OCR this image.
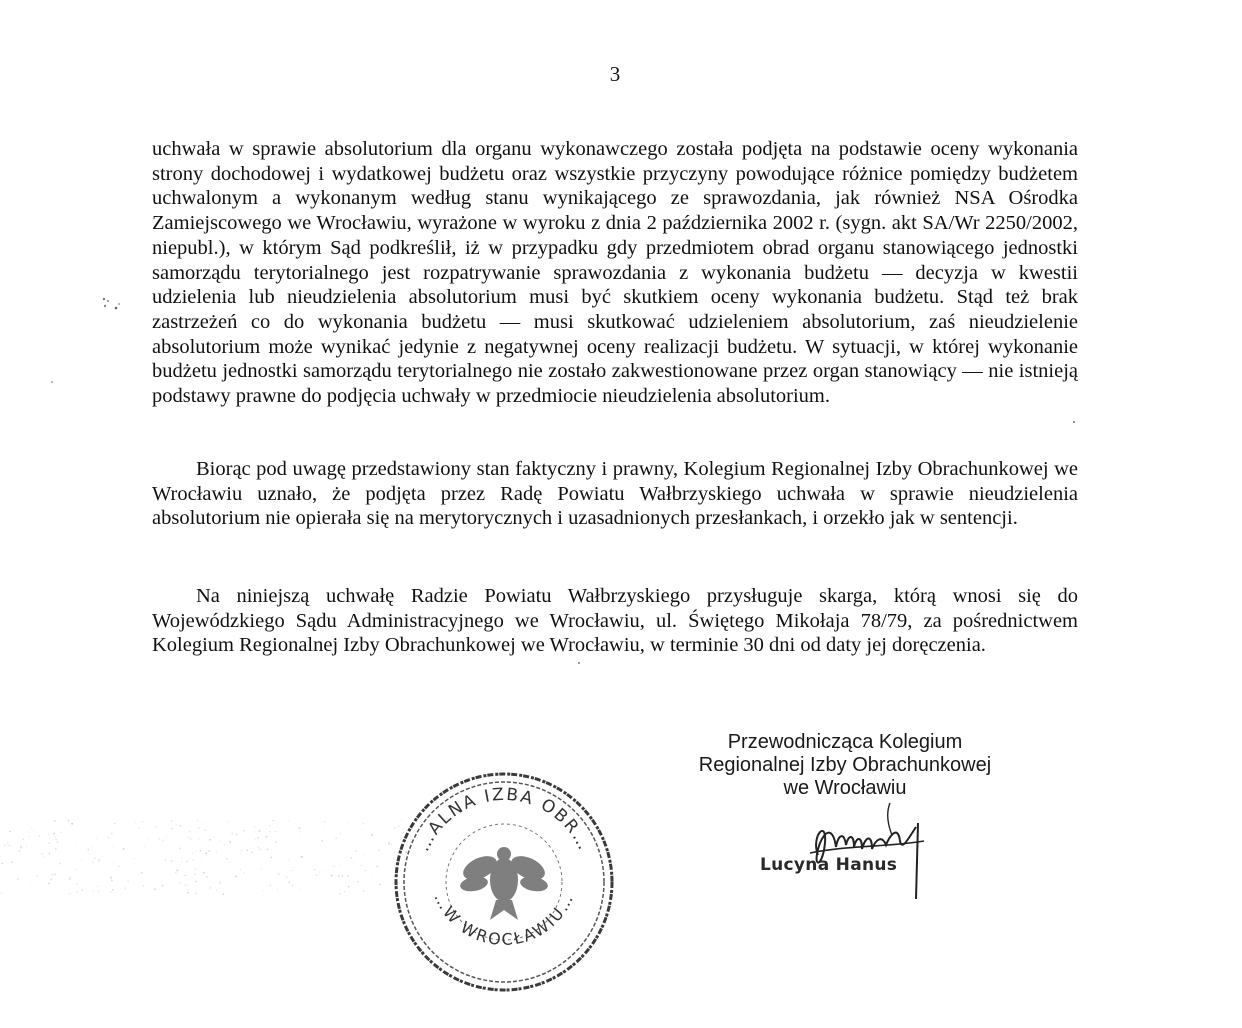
3

uchwała w sprawie absolutorium dla organu wykonawczego została podjęta na podstawie oceny wykonania strony dochodowej i wydatkowej budżetu oraz wszystkie przyczyny powodujące różnice pomiędzy budżetem uchwalonym a wykonanym według stanu wynikającego ze sprawozdania, jak również NSA Ośrodka Zamiejscowego we Wrocławiu, wyrażone w wyroku z dnia 2 października 2002 r. (sygn. akt SA/Wr 2250/2002, niepubl.), w którym Sąd podkreślił, iż w przypadku gdy przedmiotem obrad organu stanowiącego jednostki samorządu terytorialnego jest rozpatrywanie sprawozdania z wykonania budżetu — decyzja w kwestii udzielenia lub nieudzielenia absolutorium musi być skutkiem oceny wykonania budżetu. Stąd też brak zastrzeżeń co do wykonania budżetu — musi skutkować udzieleniem absolutorium, zaś nieudzielenie absolutorium może wynikać jedynie z negatywnej oceny realizacji budżetu. W sytuacji, w której wykonanie budżetu jednostki samorządu terytorialnego nie zostało zakwestionowane przez organ stanowiący — nie istnieją podstawy prawne do podjęcia uchwały w przedmiocie nieudzielenia absolutorium.

Biorąc pod uwagę przedstawiony stan faktyczny i prawny, Kolegium Regionalnej Izby Obrachunkowej we Wrocławiu uznało, że podjęta przez Radę Powiatu Wałbrzyskiego uchwała w sprawie nieudzielenia absolutorium nie opierała się na merytorycznych i uzasadnionych przesłankach, i orzekło jak w sentencji.

Na niniejszą uchwałę Radzie Powiatu Wałbrzyskiego przysługuje skarga, którą wnosi się do Wojewódzkiego Sądu Administracyjnego we Wrocławiu, ul. Świętego Mikołaja 78/79, za pośrednictwem Kolegium Regionalnej Izby Obrachunkowej we Wrocławiu, w terminie 30 dni od daty jej doręczenia.

Przewodnicząca Kolegium
Regionalnej Izby Obrachunkowej
we Wrocławiu
Lucyna Hanus
…ALNA IZBA OBR…
…W WROCŁAWIU…
